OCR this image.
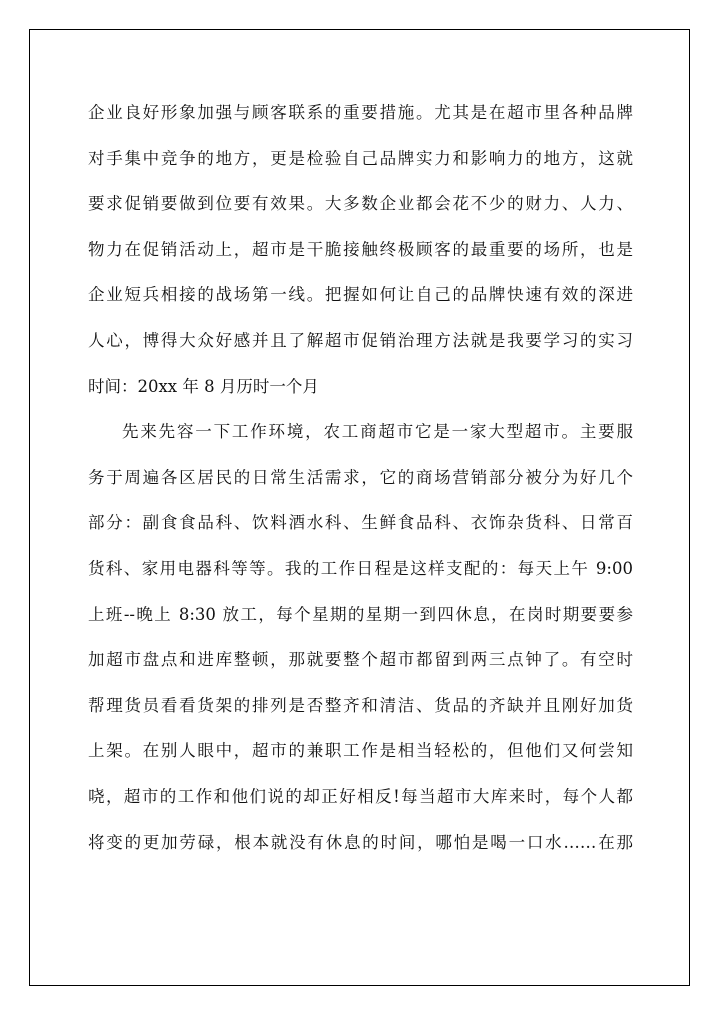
企业良好形象加强与顾客联系的重要措施。尤其是在超市里各种品牌
对手集中竞争的地方，更是检验自己品牌实力和影响力的地方，这就
要求促销要做到位要有效果。大多数企业都会花不少的财力、人力、
物力在促销活动上，超市是干脆接触终极顾客的最重要的场所，也是
企业短兵相接的战场第一线。把握如何让自己的品牌快速有效的深进
人心，博得大众好感并且了解超市促销治理方法就是我要学习的实习
时间：20xx 年 8 月历时一个月
先来先容一下工作环境，农工商超市它是一家大型超市。主要服
务于周遍各区居民的日常生活需求，它的商场营销部分被分为好几个
部分：副食食品科、饮料酒水科、生鲜食品科、衣饰杂货科、日常百
货科、家用电器科等等。我的工作日程是这样支配的：每天上午 9:00
上班--晚上 8:30 放工，每个星期的星期一到四休息，在岗时期要要参
加超市盘点和进库整顿，那就要整个超市都留到两三点钟了。有空时
帮理货员看看货架的排列是否整齐和清洁、货品的齐缺并且刚好加货
上架。在别人眼中，超市的兼职工作是相当轻松的，但他们又何尝知
哓，超市的工作和他们说的却正好相反!每当超市大库来时，每个人都
将变的更加劳碌，根本就没有休息的时间，哪怕是喝一口水……在那
